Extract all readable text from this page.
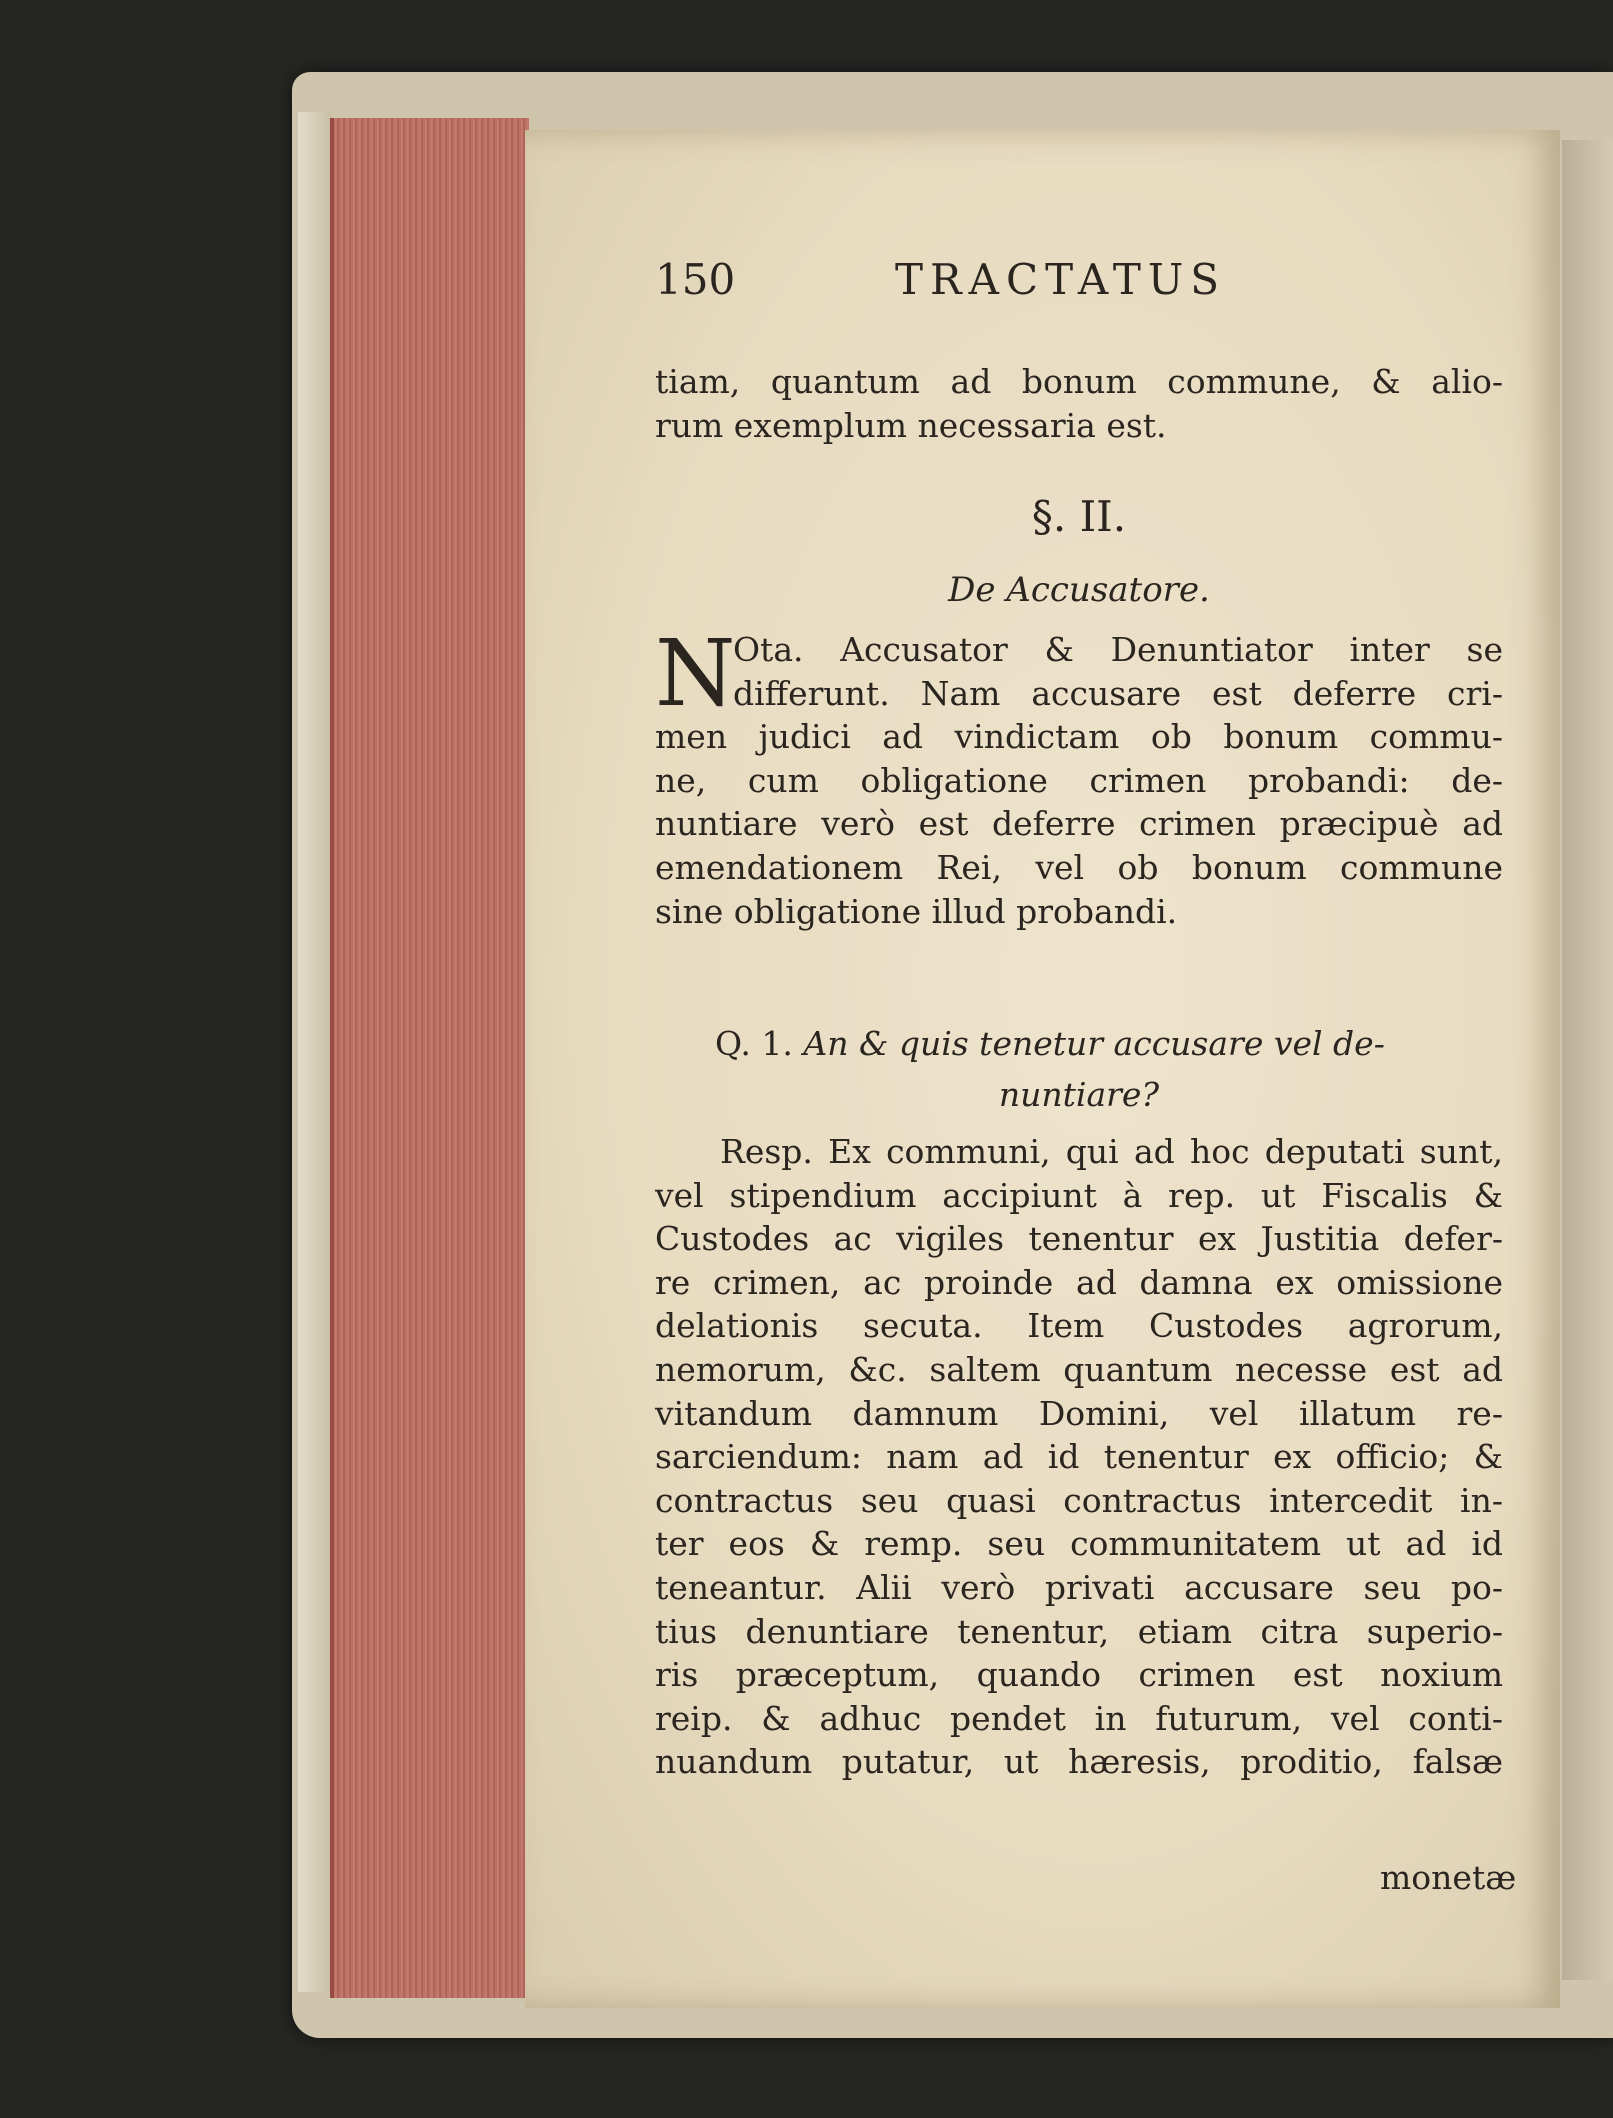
150	TRACTATUS
tiam, quantum ad bonum commune, & alio-
rum exemplum necessaria est.
§. II.
De Accusatore.
N
Ota. Accusator & Denuntiator inter se
differunt. Nam accusare est deferre cri-
men judici ad vindictam ob bonum commu-
ne, cum obligatione crimen probandi: de-
nuntiare verò est deferre crimen præcipuè ad
emendationem Rei, vel ob bonum commune
sine obligatione illud probandi.
Q. 1. An & quis tenetur accusare vel de-
nuntiare?
Resp. Ex communi, qui ad hoc deputati sunt,
vel stipendium accipiunt à rep. ut Fiscalis &
Custodes ac vigiles tenentur ex Justitia defer-
re crimen, ac proinde ad damna ex omissione
delationis secuta. Item Custodes agrorum,
nemorum, &c. saltem quantum necesse est ad
vitandum damnum Domini, vel illatum re-
sarciendum: nam ad id tenentur ex officio; &
contractus seu quasi contractus intercedit in-
ter eos & remp. seu communitatem ut ad id
teneantur. Alii verò privati accusare seu po-
tius denuntiare tenentur, etiam citra superio-
ris præceptum, quando crimen est noxium
reip. & adhuc pendet in futurum, vel conti-
nuandum putatur, ut hæresis, proditio, falsæ
monetæ
